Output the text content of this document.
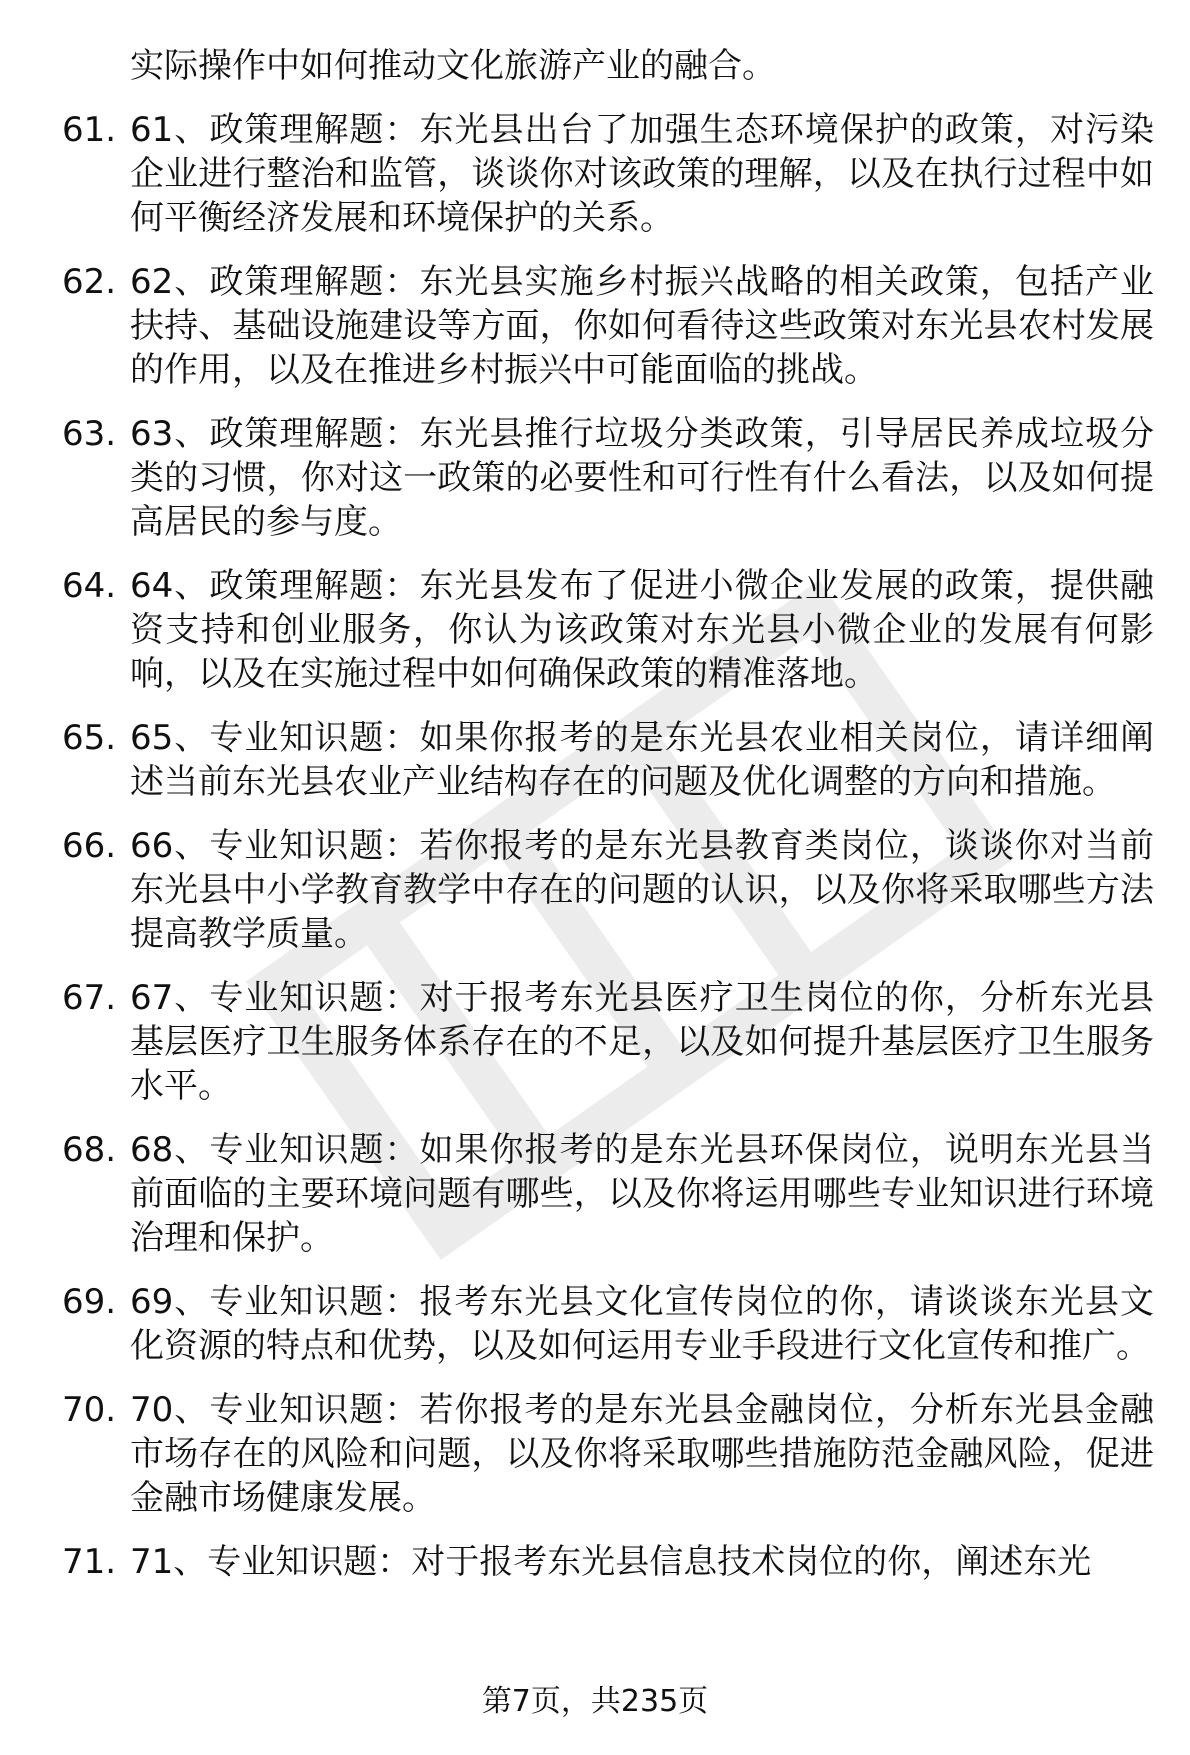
实际操作中如何推动文化旅游产业的融合。
61. 61、政策理解题：东光县出台了加强生态环境保护的政策，对污染企业进行整治和监管，谈谈你对该政策的理解，以及在执行过程中如何平衡经济发展和环境保护的关系。
62. 62、政策理解题：东光县实施乡村振兴战略的相关政策，包括产业扶持、基础设施建设等方面，你如何看待这些政策对东光县农村发展的作用，以及在推进乡村振兴中可能面临的挑战。
63. 63、政策理解题：东光县推行垃圾分类政策，引导居民养成垃圾分类的习惯，你对这一政策的必要性和可行性有什么看法，以及如何提高居民的参与度。
64. 64、政策理解题：东光县发布了促进小微企业发展的政策，提供融资支持和创业服务，你认为该政策对东光县小微企业的发展有何影响，以及在实施过程中如何确保政策的精准落地。
65. 65、专业知识题：如果你报考的是东光县农业相关岗位，请详细阐述当前东光县农业产业结构存在的问题及优化调整的方向和措施。
66. 66、专业知识题：若你报考的是东光县教育类岗位，谈谈你对当前东光县中小学教育教学中存在的问题的认识，以及你将采取哪些方法提高教学质量。
67. 67、专业知识题：对于报考东光县医疗卫生岗位的你，分析东光县基层医疗卫生服务体系存在的不足，以及如何提升基层医疗卫生服务水平。
68. 68、专业知识题：如果你报考的是东光县环保岗位，说明东光县当前面临的主要环境问题有哪些，以及你将运用哪些专业知识进行环境治理和保护。
69. 69、专业知识题：报考东光县文化宣传岗位的你，请谈谈东光县文化资源的特点和优势，以及如何运用专业手段进行文化宣传和推广。
70. 70、专业知识题：若你报考的是东光县金融岗位，分析东光县金融市场存在的风险和问题，以及你将采取哪些措施防范金融风险，促进金融市场健康发展。
71. 71、专业知识题：对于报考东光县信息技术岗位的你，阐述东光
第7页，共235页
